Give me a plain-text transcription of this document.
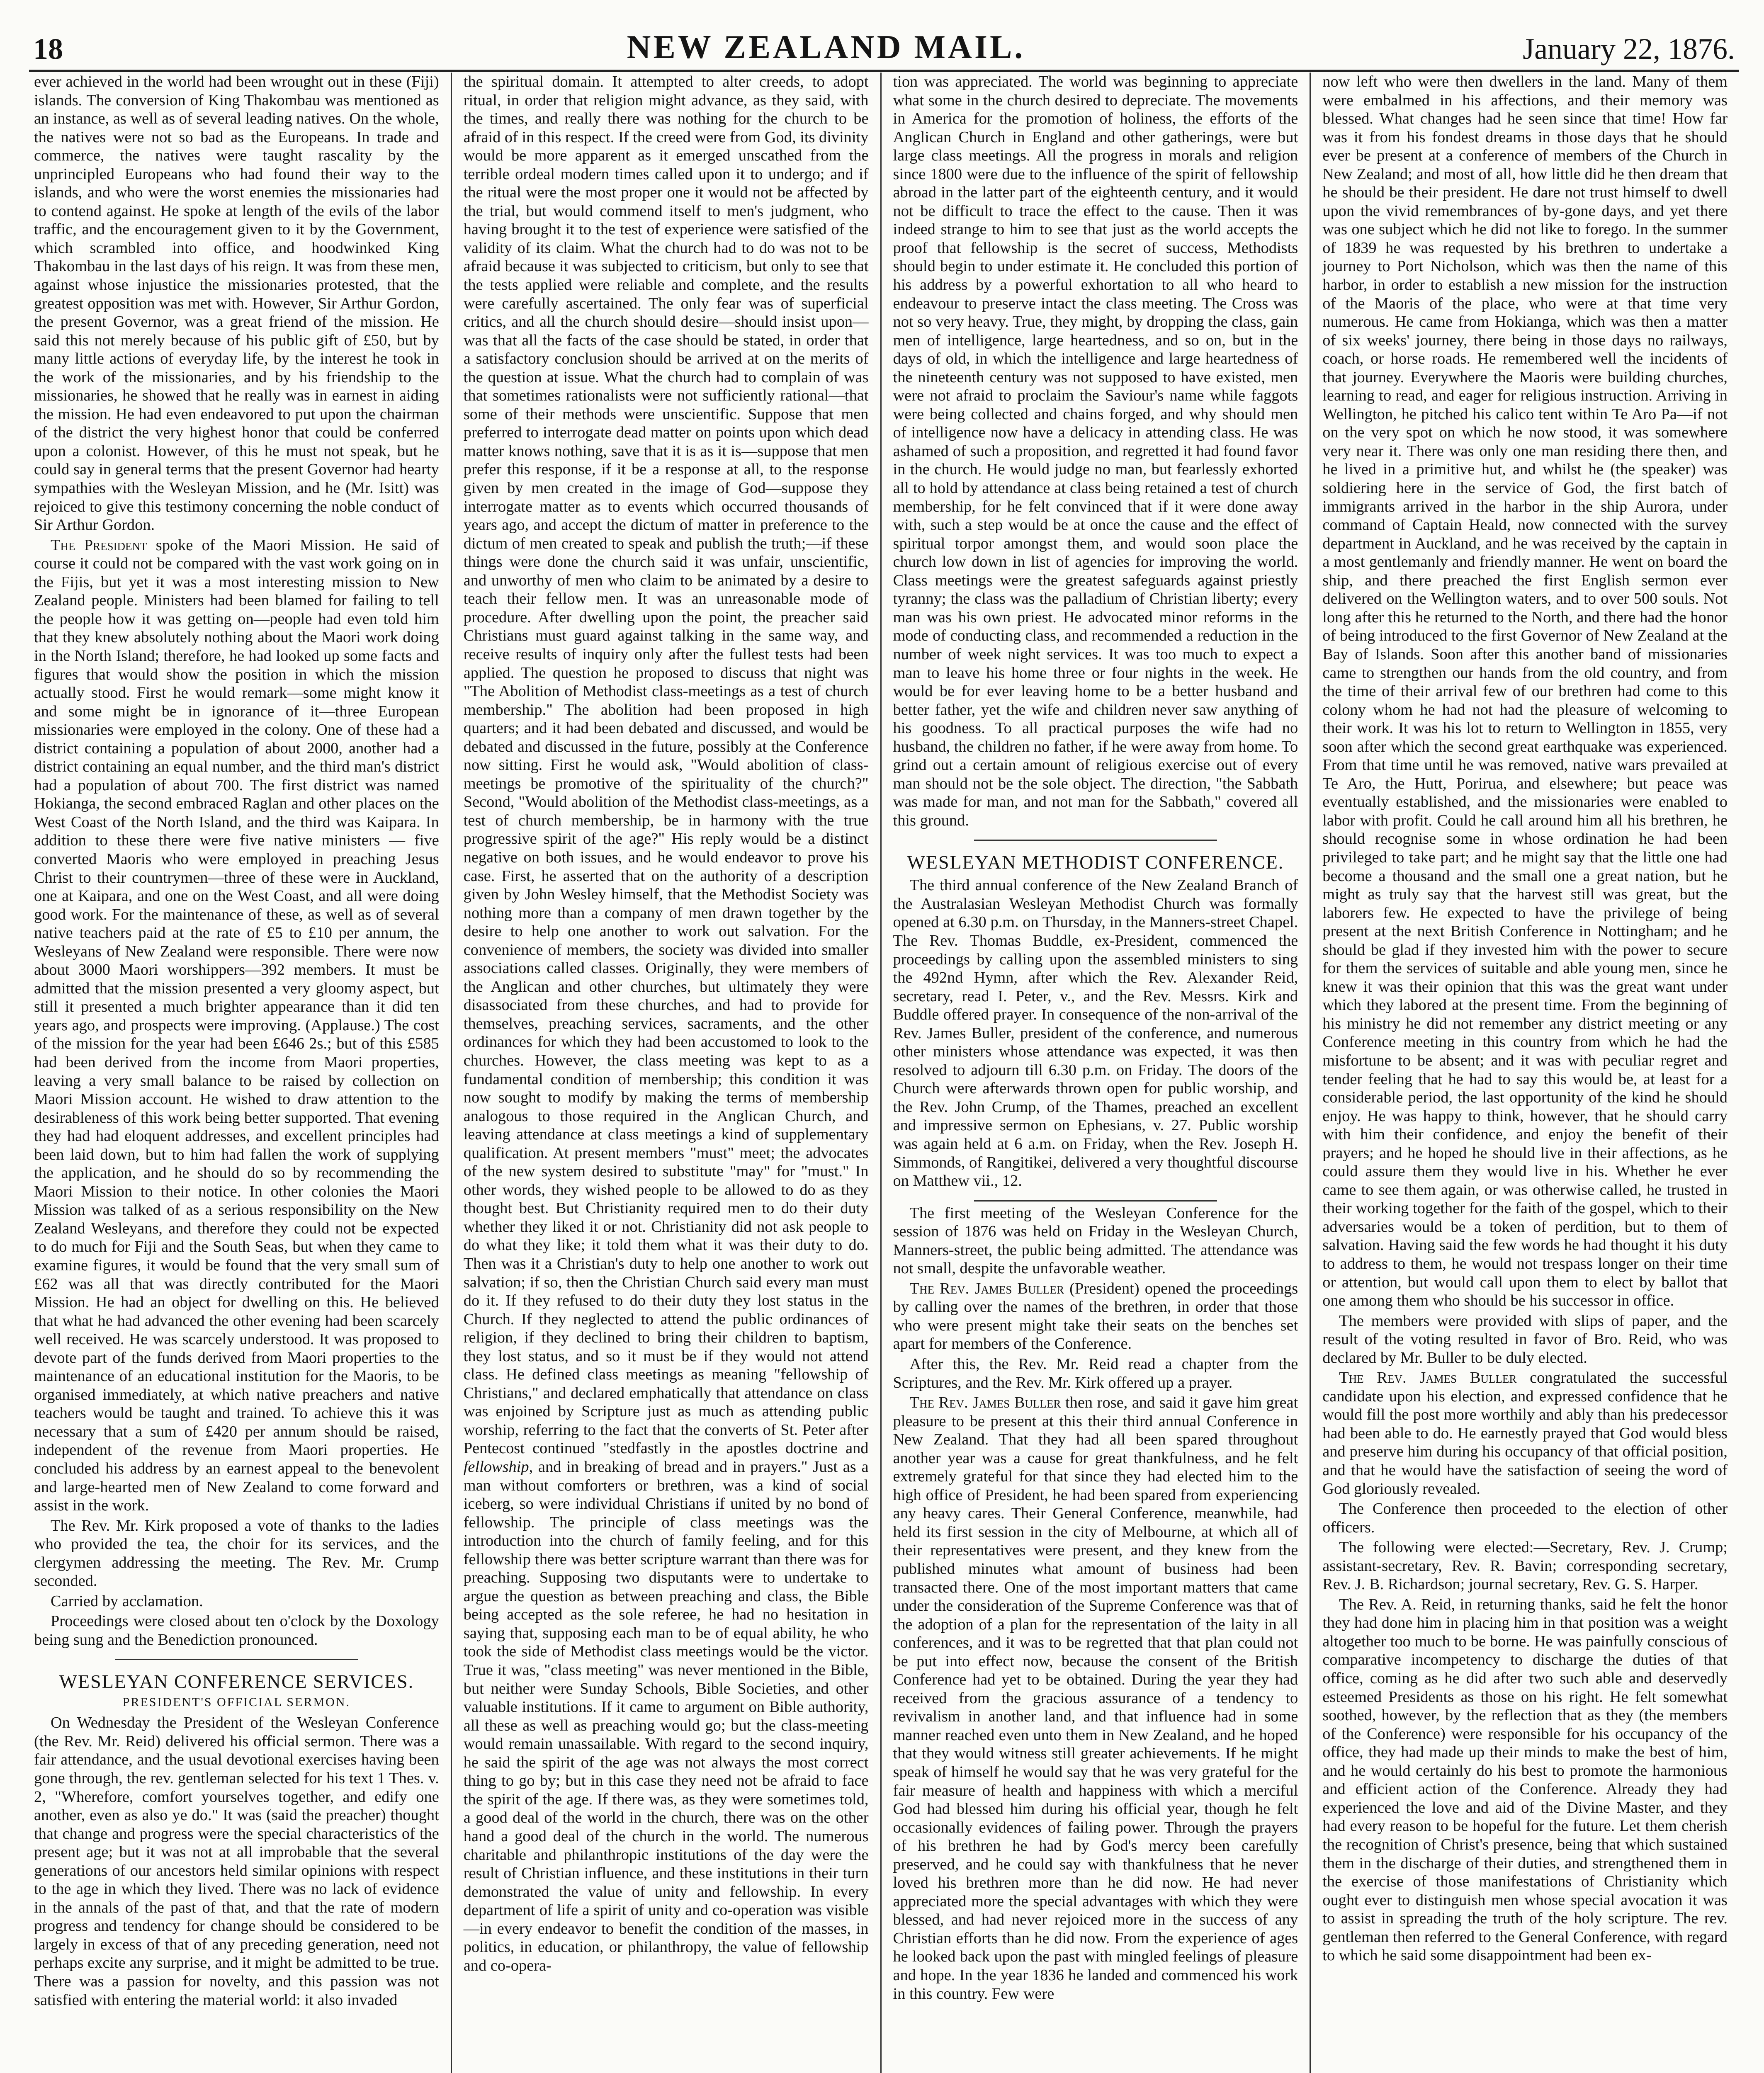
18	NEW ZEALAND MAIL.	January 22, 1876.

ever achieved in the world had been wrought out in these (Fiji) islands. The conversion of King Thakombau was mentioned as an instance, as well as of several leading natives. On the whole, the natives were not so bad as the Europeans. In trade and commerce, the natives were taught rascality by the unprincipled Europeans who had found their way to the islands, and who were the worst enemies the missionaries had to contend against. He spoke at length of the evils of the labor traffic, and the encouragement given to it by the Government, which scrambled into office, and hoodwinked King Thakombau in the last days of his reign. It was from these men, against whose injustice the missionaries protested, that the greatest opposition was met with. However, Sir Arthur Gordon, the present Governor, was a great friend of the mission. He said this not merely because of his public gift of £50, but by many little actions of everyday life, by the interest he took in the work of the missionaries, and by his friendship to the missionaries, he showed that he really was in earnest in aiding the mission. He had even endeavored to put upon the chairman of the district the very highest honor that could be conferred upon a colonist. However, of this he must not speak, but he could say in general terms that the present Governor had hearty sympathies with the Wesleyan Mission, and he (Mr. Isitt) was rejoiced to give this testimony concerning the noble conduct of Sir Arthur Gordon.

The President spoke of the Maori Mission. He said of course it could not be compared with the vast work going on in the Fijis, but yet it was a most interesting mission to New Zealand people. Ministers had been blamed for failing to tell the people how it was getting on—people had even told him that they knew absolutely nothing about the Maori work doing in the North Island; therefore, he had looked up some facts and figures that would show the position in which the mission actually stood. First he would remark—some might know it and some might be in ignorance of it—three European missionaries were employed in the colony. One of these had a district containing a population of about 2000, another had a district containing an equal number, and the third man's district had a population of about 700. The first district was named Hokianga, the second embraced Raglan and other places on the West Coast of the North Island, and the third was Kaipara. In addition to these there were five native ministers — five converted Maoris who were employed in preaching Jesus Christ to their countrymen—three of these were in Auckland, one at Kaipara, and one on the West Coast, and all were doing good work. For the maintenance of these, as well as of several native teachers paid at the rate of £5 to £10 per annum, the Wesleyans of New Zealand were responsible. There were now about 3000 Maori worshippers—392 members. It must be admitted that the mission presented a very gloomy aspect, but still it presented a much brighter appearance than it did ten years ago, and prospects were improving. (Applause.) The cost of the mission for the year had been £646 2s.; but of this £585 had been derived from the income from Maori properties, leaving a very small balance to be raised by collection on Maori Mission account. He wished to draw attention to the desirableness of this work being better supported. That evening they had had eloquent addresses, and excellent principles had been laid down, but to him had fallen the work of supplying the application, and he should do so by recommending the Maori Mission to their notice. In other colonies the Maori Mission was talked of as a serious responsibility on the New Zealand Wesleyans, and therefore they could not be expected to do much for Fiji and the South Seas, but when they came to examine figures, it would be found that the very small sum of £62 was all that was directly contributed for the Maori Mission. He had an object for dwelling on this. He believed that what he had advanced the other evening had been scarcely well received. He was scarcely understood. It was proposed to devote part of the funds derived from Maori properties to the maintenance of an educational institution for the Maoris, to be organised immediately, at which native preachers and native teachers would be taught and trained. To achieve this it was necessary that a sum of £420 per annum should be raised, independent of the revenue from Maori properties. He concluded his address by an earnest appeal to the benevolent and large-hearted men of New Zealand to come forward and assist in the work.

The Rev. Mr. Kirk proposed a vote of thanks to the ladies who provided the tea, the choir for its services, and the clergymen addressing the meeting. The Rev. Mr. Crump seconded.

Carried by acclamation.

Proceedings were closed about ten o'clock by the Doxology being sung and the Benediction pronounced.

WESLEYAN CONFERENCE SERVICES.
PRESIDENT'S OFFICIAL SERMON.

On Wednesday the President of the Wesleyan Conference (the Rev. Mr. Reid) delivered his official sermon. There was a fair attendance, and the usual devotional exercises having been gone through, the rev. gentleman selected for his text 1 Thes. v. 2, "Wherefore, comfort yourselves together, and edify one another, even as also ye do." It was (said the preacher) thought that change and progress were the special characteristics of the present age; but it was not at all improbable that the several generations of our ancestors held similar opinions with respect to the age in which they lived. There was no lack of evidence in the annals of the past of that, and that the rate of modern progress and tendency for change should be considered to be largely in excess of that of any preceding generation, need not perhaps excite any surprise, and it might be admitted to be true. There was a passion for novelty, and this passion was not satisfied with entering the material world: it also invaded

the spiritual domain. It attempted to alter creeds, to adopt ritual, in order that religion might advance, as they said, with the times, and really there was nothing for the church to be afraid of in this respect. If the creed were from God, its divinity would be more apparent as it emerged unscathed from the terrible ordeal modern times called upon it to undergo; and if the ritual were the most proper one it would not be affected by the trial, but would commend itself to men's judgment, who having brought it to the test of experience were satisfied of the validity of its claim. What the church had to do was not to be afraid because it was subjected to criticism, but only to see that the tests applied were reliable and complete, and the results were carefully ascertained. The only fear was of superficial critics, and all the church should desire—should insist upon—was that all the facts of the case should be stated, in order that a satisfactory conclusion should be arrived at on the merits of the question at issue. What the church had to complain of was that sometimes rationalists were not sufficiently rational—that some of their methods were unscientific. Suppose that men preferred to interrogate dead matter on points upon which dead matter knows nothing, save that it is as it is—suppose that men prefer this response, if it be a response at all, to the response given by men created in the image of God—suppose they interrogate matter as to events which occurred thousands of years ago, and accept the dictum of matter in preference to the dictum of men created to speak and publish the truth;—if these things were done the church said it was unfair, unscientific, and unworthy of men who claim to be animated by a desire to teach their fellow men. It was an unreasonable mode of procedure. After dwelling upon the point, the preacher said Christians must guard against talking in the same way, and receive results of inquiry only after the fullest tests had been applied. The question he proposed to discuss that night was "The Abolition of Methodist class-meetings as a test of church membership." The abolition had been proposed in high quarters; and it had been debated and discussed, and would be debated and discussed in the future, possibly at the Conference now sitting. First he would ask, "Would abolition of class-meetings be promotive of the spirituality of the church?" Second, "Would abolition of the Methodist class-meetings, as a test of church membership, be in harmony with the true progressive spirit of the age?" His reply would be a distinct negative on both issues, and he would endeavor to prove his case. First, he asserted that on the authority of a description given by John Wesley himself, that the Methodist Society was nothing more than a company of men drawn together by the desire to help one another to work out salvation. For the convenience of members, the society was divided into smaller associations called classes. Originally, they were members of the Anglican and other churches, but ultimately they were disassociated from these churches, and had to provide for themselves, preaching services, sacraments, and the other ordinances for which they had been accustomed to look to the churches. However, the class meeting was kept to as a fundamental condition of membership; this condition it was now sought to modify by making the terms of membership analogous to those required in the Anglican Church, and leaving attendance at class meetings a kind of supplementary qualification. At present members "must" meet; the advocates of the new system desired to substitute "may" for "must." In other words, they wished people to be allowed to do as they thought best. But Christianity required men to do their duty whether they liked it or not. Christianity did not ask people to do what they like; it told them what it was their duty to do. Then was it a Christian's duty to help one another to work out salvation; if so, then the Christian Church said every man must do it. If they refused to do their duty they lost status in the Church. If they neglected to attend the public ordinances of religion, if they declined to bring their children to baptism, they lost status, and so it must be if they would not attend class. He defined class meetings as meaning "fellowship of Christians," and declared emphatically that attendance on class was enjoined by Scripture just as much as attending public worship, referring to the fact that the converts of St. Peter after Pentecost continued "stedfastly in the apostles doctrine and fellowship, and in breaking of bread and in prayers." Just as a man without comforters or brethren, was a kind of social iceberg, so were individual Christians if united by no bond of fellowship. The principle of class meetings was the introduction into the church of family feeling, and for this fellowship there was better scripture warrant than there was for preaching. Supposing two disputants were to undertake to argue the question as between preaching and class, the Bible being accepted as the sole referee, he had no hesitation in saying that, supposing each man to be of equal ability, he who took the side of Methodist class meetings would be the victor. True it was, "class meeting" was never mentioned in the Bible, but neither were Sunday Schools, Bible Societies, and other valuable institutions. If it came to argument on Bible authority, all these as well as preaching would go; but the class-meeting would remain unassailable. With regard to the second inquiry, he said the spirit of the age was not always the most correct thing to go by; but in this case they need not be afraid to face the spirit of the age. If there was, as they were sometimes told, a good deal of the world in the church, there was on the other hand a good deal of the church in the world. The numerous charitable and philanthropic institutions of the day were the result of Christian influence, and these institutions in their turn demonstrated the value of unity and fellowship. In every department of life a spirit of unity and co-operation was visible—in every endeavor to benefit the condition of the masses, in politics, in education, or philanthropy, the value of fellowship and co-opera-

tion was appreciated. The world was beginning to appreciate what some in the church desired to depreciate. The movements in America for the promotion of holiness, the efforts of the Anglican Church in England and other gatherings, were but large class meetings. All the progress in morals and religion since 1800 were due to the influence of the spirit of fellowship abroad in the latter part of the eighteenth century, and it would not be difficult to trace the effect to the cause. Then it was indeed strange to him to see that just as the world accepts the proof that fellowship is the secret of success, Methodists should begin to under estimate it. He concluded this portion of his address by a powerful exhortation to all who heard to endeavour to preserve intact the class meeting. The Cross was not so very heavy. True, they might, by dropping the class, gain men of intelligence, large heartedness, and so on, but in the days of old, in which the intelligence and large heartedness of the nineteenth century was not supposed to have existed, men were not afraid to proclaim the Saviour's name while faggots were being collected and chains forged, and why should men of intelligence now have a delicacy in attending class. He was ashamed of such a proposition, and regretted it had found favor in the church. He would judge no man, but fearlessly exhorted all to hold by attendance at class being retained a test of church membership, for he felt convinced that if it were done away with, such a step would be at once the cause and the effect of spiritual torpor amongst them, and would soon place the church low down in list of agencies for improving the world. Class meetings were the greatest safeguards against priestly tyranny; the class was the palladium of Christian liberty; every man was his own priest. He advocated minor reforms in the mode of conducting class, and recommended a reduction in the number of week night services. It was too much to expect a man to leave his home three or four nights in the week. He would be for ever leaving home to be a better husband and better father, yet the wife and children never saw anything of his goodness. To all practical purposes the wife had no husband, the children no father, if he were away from home. To grind out a certain amount of religious exercise out of every man should not be the sole object. The direction, "the Sabbath was made for man, and not man for the Sabbath," covered all this ground.

WESLEYAN METHODIST CONFERENCE.

The third annual conference of the New Zealand Branch of the Australasian Wesleyan Methodist Church was formally opened at 6.30 p.m. on Thursday, in the Manners-street Chapel. The Rev. Thomas Buddle, ex-President, commenced the proceedings by calling upon the assembled ministers to sing the 492nd Hymn, after which the Rev. Alexander Reid, secretary, read I. Peter, v., and the Rev. Messrs. Kirk and Buddle offered prayer. In consequence of the non-arrival of the Rev. James Buller, president of the conference, and numerous other ministers whose attendance was expected, it was then resolved to adjourn till 6.30 p.m. on Friday. The doors of the Church were afterwards thrown open for public worship, and the Rev. John Crump, of the Thames, preached an excellent and impressive sermon on Ephesians, v. 27. Public worship was again held at 6 a.m. on Friday, when the Rev. Joseph H. Simmonds, of Rangitikei, delivered a very thoughtful discourse on Matthew vii., 12.

The first meeting of the Wesleyan Conference for the session of 1876 was held on Friday in the Wesleyan Church, Manners-street, the public being admitted. The attendance was not small, despite the unfavorable weather.

The Rev. James Buller (President) opened the proceedings by calling over the names of the brethren, in order that those who were present might take their seats on the benches set apart for members of the Conference.

After this, the Rev. Mr. Reid read a chapter from the Scriptures, and the Rev. Mr. Kirk offered up a prayer.

The Rev. James Buller then rose, and said it gave him great pleasure to be present at this their third annual Conference in New Zealand. That they had all been spared throughout another year was a cause for great thankfulness, and he felt extremely grateful for that since they had elected him to the high office of President, he had been spared from experiencing any heavy cares. Their General Conference, meanwhile, had held its first session in the city of Melbourne, at which all of their representatives were present, and they knew from the published minutes what amount of business had been transacted there. One of the most important matters that came under the consideration of the Supreme Conference was that of the adoption of a plan for the representation of the laity in all conferences, and it was to be regretted that that plan could not be put into effect now, because the consent of the British Conference had yet to be obtained. During the year they had received from the gracious assurance of a tendency to revivalism in another land, and that influence had in some manner reached even unto them in New Zealand, and he hoped that they would witness still greater achievements. If he might speak of himself he would say that he was very grateful for the fair measure of health and happiness with which a merciful God had blessed him during his official year, though he felt occasionally evidences of failing power. Through the prayers of his brethren he had by God's mercy been carefully preserved, and he could say with thankfulness that he never loved his brethren more than he did now. He had never appreciated more the special advantages with which they were blessed, and had never rejoiced more in the success of any Christian efforts than he did now. From the experience of ages he looked back upon the past with mingled feelings of pleasure and hope. In the year 1836 he landed and commenced his work in this country. Few were

now left who were then dwellers in the land. Many of them were embalmed in his affections, and their memory was blessed. What changes had he seen since that time! How far was it from his fondest dreams in those days that he should ever be present at a conference of members of the Church in New Zealand; and most of all, how little did he then dream that he should be their president. He dare not trust himself to dwell upon the vivid remembrances of by-gone days, and yet there was one subject which he did not like to forego. In the summer of 1839 he was requested by his brethren to undertake a journey to Port Nicholson, which was then the name of this harbor, in order to establish a new mission for the instruction of the Maoris of the place, who were at that time very numerous. He came from Hokianga, which was then a matter of six weeks' journey, there being in those days no railways, coach, or horse roads. He remembered well the incidents of that journey. Everywhere the Maoris were building churches, learning to read, and eager for religious instruction. Arriving in Wellington, he pitched his calico tent within Te Aro Pa—if not on the very spot on which he now stood, it was somewhere very near it. There was only one man residing there then, and he lived in a primitive hut, and whilst he (the speaker) was soldiering here in the service of God, the first batch of immigrants arrived in the harbor in the ship Aurora, under command of Captain Heald, now connected with the survey department in Auckland, and he was received by the captain in a most gentlemanly and friendly manner. He went on board the ship, and there preached the first English sermon ever delivered on the Wellington waters, and to over 500 souls. Not long after this he returned to the North, and there had the honor of being introduced to the first Governor of New Zealand at the Bay of Islands. Soon after this another band of missionaries came to strengthen our hands from the old country, and from the time of their arrival few of our brethren had come to this colony whom he had not had the pleasure of welcoming to their work. It was his lot to return to Wellington in 1855, very soon after which the second great earthquake was experienced. From that time until he was removed, native wars prevailed at Te Aro, the Hutt, Porirua, and elsewhere; but peace was eventually established, and the missionaries were enabled to labor with profit. Could he call around him all his brethren, he should recognise some in whose ordination he had been privileged to take part; and he might say that the little one had become a thousand and the small one a great nation, but he might as truly say that the harvest still was great, but the laborers few. He expected to have the privilege of being present at the next British Conference in Nottingham; and he should be glad if they invested him with the power to secure for them the services of suitable and able young men, since he knew it was their opinion that this was the great want under which they labored at the present time. From the beginning of his ministry he did not remember any district meeting or any Conference meeting in this country from which he had the misfortune to be absent; and it was with peculiar regret and tender feeling that he had to say this would be, at least for a considerable period, the last opportunity of the kind he should enjoy. He was happy to think, however, that he should carry with him their confidence, and enjoy the benefit of their prayers; and he hoped he should live in their affections, as he could assure them they would live in his. Whether he ever came to see them again, or was otherwise called, he trusted in their working together for the faith of the gospel, which to their adversaries would be a token of perdition, but to them of salvation. Having said the few words he had thought it his duty to address to them, he would not trespass longer on their time or attention, but would call upon them to elect by ballot that one among them who should be his successor in office.

The members were provided with slips of paper, and the result of the voting resulted in favor of Bro. Reid, who was declared by Mr. Buller to be duly elected.

The Rev. James Buller congratulated the successful candidate upon his election, and expressed confidence that he would fill the post more worthily and ably than his predecessor had been able to do. He earnestly prayed that God would bless and preserve him during his occupancy of that official position, and that he would have the satisfaction of seeing the word of God gloriously revealed.

The Conference then proceeded to the election of other officers.

The following were elected:—Secretary, Rev. J. Crump; assistant-secretary, Rev. R. Bavin; corresponding secretary, Rev. J. B. Richardson; journal secretary, Rev. G. S. Harper.

The Rev. A. Reid, in returning thanks, said he felt the honor they had done him in placing him in that position was a weight altogether too much to be borne. He was painfully conscious of comparative incompetency to discharge the duties of that office, coming as he did after two such able and deservedly esteemed Presidents as those on his right. He felt somewhat soothed, however, by the reflection that as they (the members of the Conference) were responsible for his occupancy of the office, they had made up their minds to make the best of him, and he would certainly do his best to promote the harmonious and efficient action of the Conference. Already they had experienced the love and aid of the Divine Master, and they had every reason to be hopeful for the future. Let them cherish the recognition of Christ's presence, being that which sustained them in the discharge of their duties, and strengthened them in the exercise of those manifestations of Christianity which ought ever to distinguish men whose special avocation it was to assist in spreading the truth of the holy scripture. The rev. gentleman then referred to the General Conference, with regard to which he said some disappointment had been ex-
